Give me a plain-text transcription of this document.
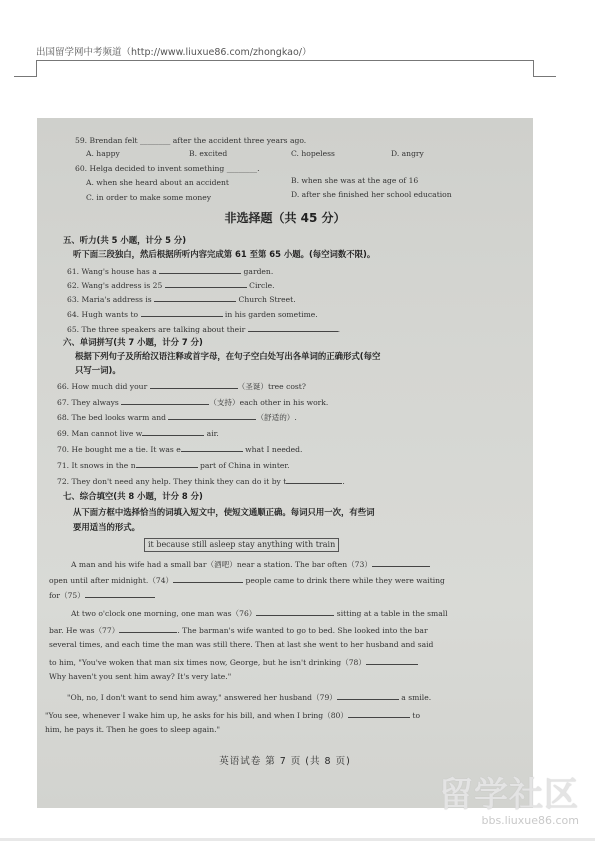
出国留学网中考频道（http://www.liuxue86.com/zhongkao/）
59. Brendan felt ________ after the accident three years ago.
A. happy	B. excited	C. hopeless	D. angry
60. Helga decided to invent something ________.
A. when she heard about an accident	B. when she was at the age of 16
C. in order to make some money	D. after she finished her school education
非选择题（共 45 分）
五、听力(共 5 小题，计分 5 分)
听下面三段独白，然后根据所听内容完成第 61 至第 65 小题。(每空词数不限)。
61. Wang's house has a	garden.
62. Wang's address is 25	Circle.
63. Maria's address is	Church Street.
64. Hugh wants to	in his garden sometime.
65. The three speakers are talking about their	.
六、单词拼写(共 7 小题，计分 7 分)
根据下列句子及所给汉语注释或首字母，在句子空白处写出各单词的正确形式(每空
只写一词)。
66. How much did your	（圣诞）tree cost?
67. They always	（支持）each other in his work.
68. The bed looks warm and	（舒适的）.
69. Man cannot live w	air.
70. He bought me a tie. It was e	what I needed.
71. It snows in the n	part of China in winter.
72. They don't need any help. They think they can do it by t	.
七、综合填空(共 8 小题，计分 8 分)
从下面方框中选择恰当的词填入短文中，使短文通顺正确。每词只用一次，有些词
要用适当的形式。
it because still asleep stay anything with train
A man and his wife had a small bar（酒吧）near a station. The bar often（73）
open until after midnight.（74）	people came to drink there while they were waiting
for（75）
At two o'clock one morning, one man was（76）	sitting at a table in the small
bar. He was（77）	. The barman's wife wanted to go to bed. She looked into the bar
several times, and each time the man was still there. Then at last she went to her husband and said
to him, "You've woken that man six times now, George, but he isn't drinking（78）
Why haven't you sent him away? It's very late."
"Oh, no, I don't want to send him away," answered her husband（79）	a smile.
"You see, whenever I wake him up, he asks for his bill, and when I bring（80）	to
him, he pays it. Then he goes to sleep again."
英语试卷 第 7 页 (共 8 页)
留学社区
bbs.liuxue86.com
